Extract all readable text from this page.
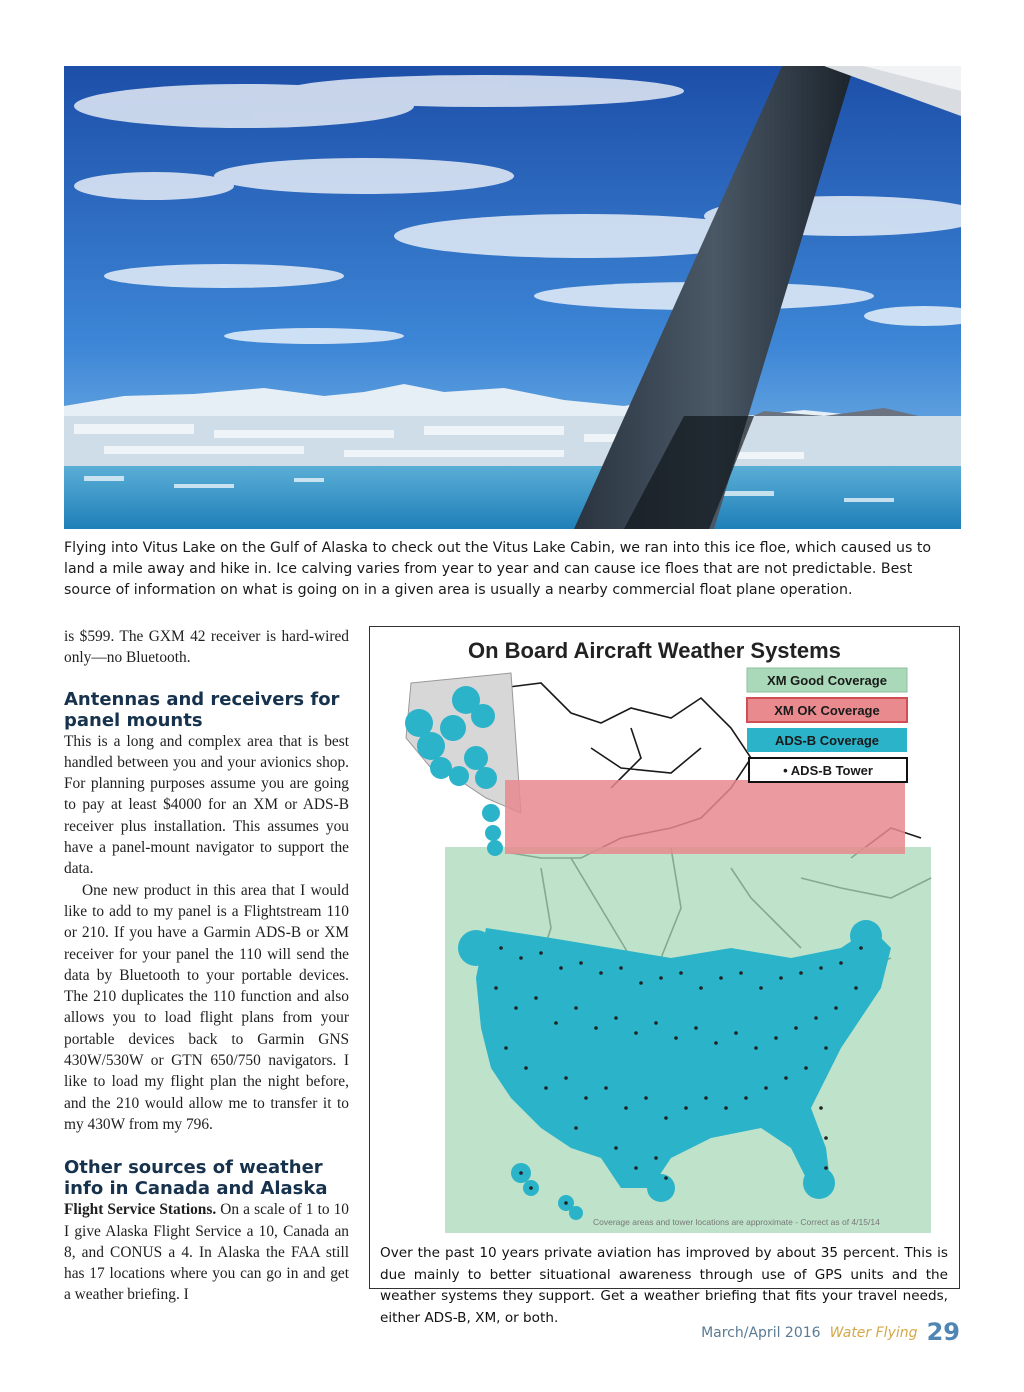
Flying into Vitus Lake on the Gulf of Alaska to check out the Vitus Lake Cabin, we ran into this ice floe, which caused us to land a mile away and hike in. Ice calving varies from year to year and can cause ice floes that are not predictable. Best source of information on what is going on in a given area is usually a nearby commercial float plane operation.

is $599. The GXM 42 receiver is hard-wired only—no Bluetooth.

Antennas and receivers for panel mounts

This is a long and complex area that is best handled between you and your avionics shop. For planning purposes assume you are going to pay at least $4000 for an XM or ADS-B receiver plus installation. This assumes you have a panel-mount navigator to support the data.

One new product in this area that I would like to add to my panel is a Flightstream 110 or 210. If you have a Garmin ADS-B or XM receiver for your panel the 110 will send the data by Bluetooth to your portable devices. The 210 duplicates the 110 function and also allows you to load flight plans from your portable devices back to Garmin GNS 430W/530W or GTN 650/750 navigators. I like to load my flight plan the night before, and the 210 would allow me to transfer it to my 430W from my 796.

Other sources of weather info in Canada and Alaska

Flight Service Stations. On a scale of 1 to 10 I give Alaska Flight Service a 10, Canada an 8, and CONUS a 4. In Alaska the FAA still has 17 locations where you can go in and get a weather briefing. I

On Board Aircraft Weather Systems
XM Good Coverage
XM OK Coverage
ADS-B Coverage
• ADS-B Tower
Coverage areas and tower locations are approximate - Correct as of 4/15/14

Over the past 10 years private aviation has improved by about 35 percent. This is due mainly to better situational awareness through use of GPS units and the weather systems they support. Get a weather briefing that fits your travel needs, either ADS-B, XM, or both.

March/April 2016 Water Flying 29
